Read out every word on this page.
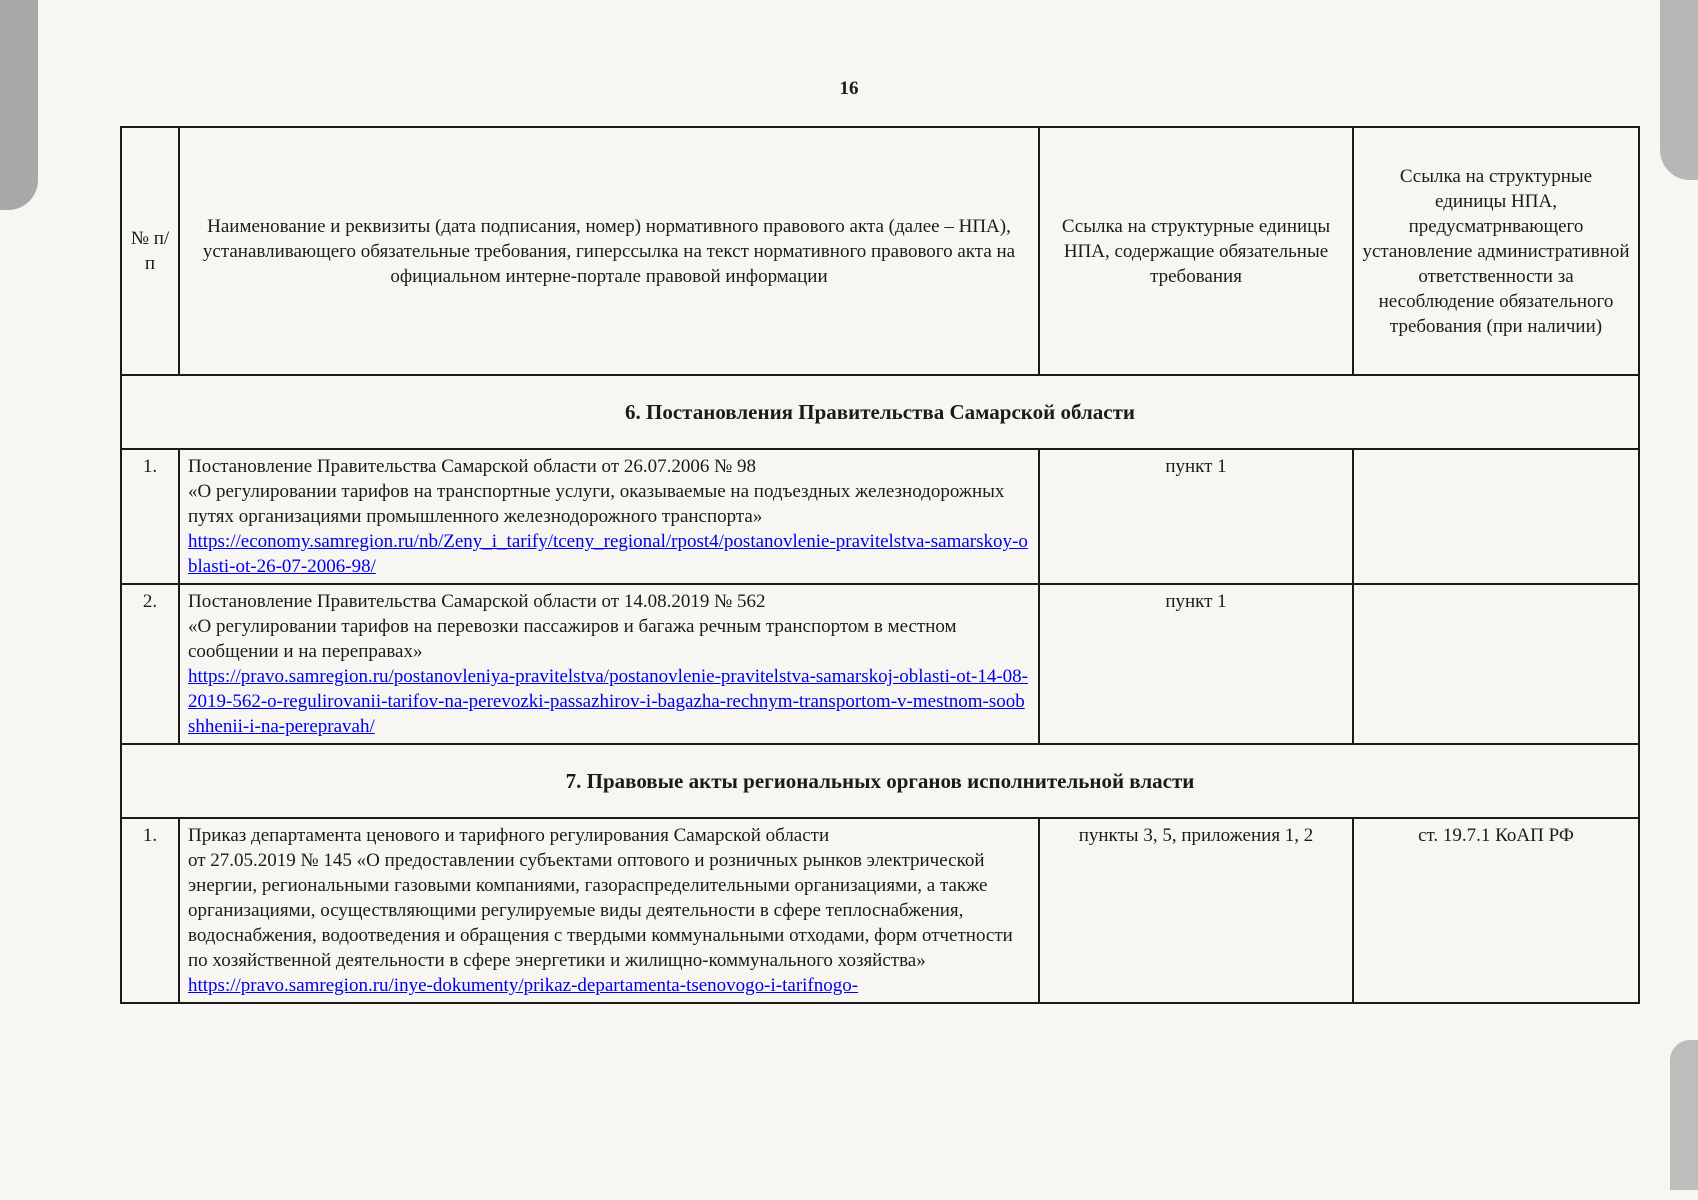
16
№ п/п	Наименование и реквизиты (дата подписания, номер) нормативного правового акта (далее – НПА), устанавливающего обязательные требования, гиперссылка на текст нормативного правового акта на официальном интерне-портале правовой информации	Ссылка на структурные единицы НПА, содержащие обязательные требования	Ссылка на структурные единицы НПА, предусматрнвающего установление административной ответственности за несоблюдение обязательного требования (при наличии)
6. Постановления Правительства Самарской области			
1.	Постановление Правительства Самарской области от 26.07.2006 № 98
«О регулировании тарифов на транспортные услуги, оказываемые на подъездных железнодорожных путях организациями промышленного железнодорожного транспорта»
https://economy.samregion.ru/nb/Zeny_i_tarify/tceny_regional/rpost4/postanovlenie-pravitelstva-samarskoy-oblasti-ot-26-07-2006-98/	пункт 1	
2.	Постановление Правительства Самарской области от 14.08.2019 № 562
«О регулировании тарифов на перевозки пассажиров и багажа речным транспортом в местном сообщении и на переправах»
https://pravo.samregion.ru/postanovleniya-pravitelstva/postanovlenie-pravitelstva-samarskoj-oblasti-ot-14-08-2019-562-o-regulirovanii-tarifov-na-perevozki-passazhirov-i-bagazha-rechnym-transportom-v-mestnom-soobshhenii-i-na-perepravah/	пункт 1	
7. Правовые акты региональных органов исполнительной власти			
1.	Приказ департамента ценового и тарифного регулирования Самарской области
от 27.05.2019 № 145 «О предоставлении субъектами оптового и розничных рынков электрической энергии, региональными газовыми компаниями, газораспределительными организациями, а также организациями, осуществляющими регулируемые виды деятельности в сфере теплоснабжения, водоснабжения, водоотведения и обращения с твердыми коммунальными отходами, форм отчетности по хозяйственной деятельности в сфере энергетики и жилищно-коммунального хозяйства»
https://pravo.samregion.ru/inye-dokumenty/prikaz-departamenta-tsenovogo-i-tarifnogo-	пункты 3, 5, приложения 1, 2	ст. 19.7.1 КоАП РФ
